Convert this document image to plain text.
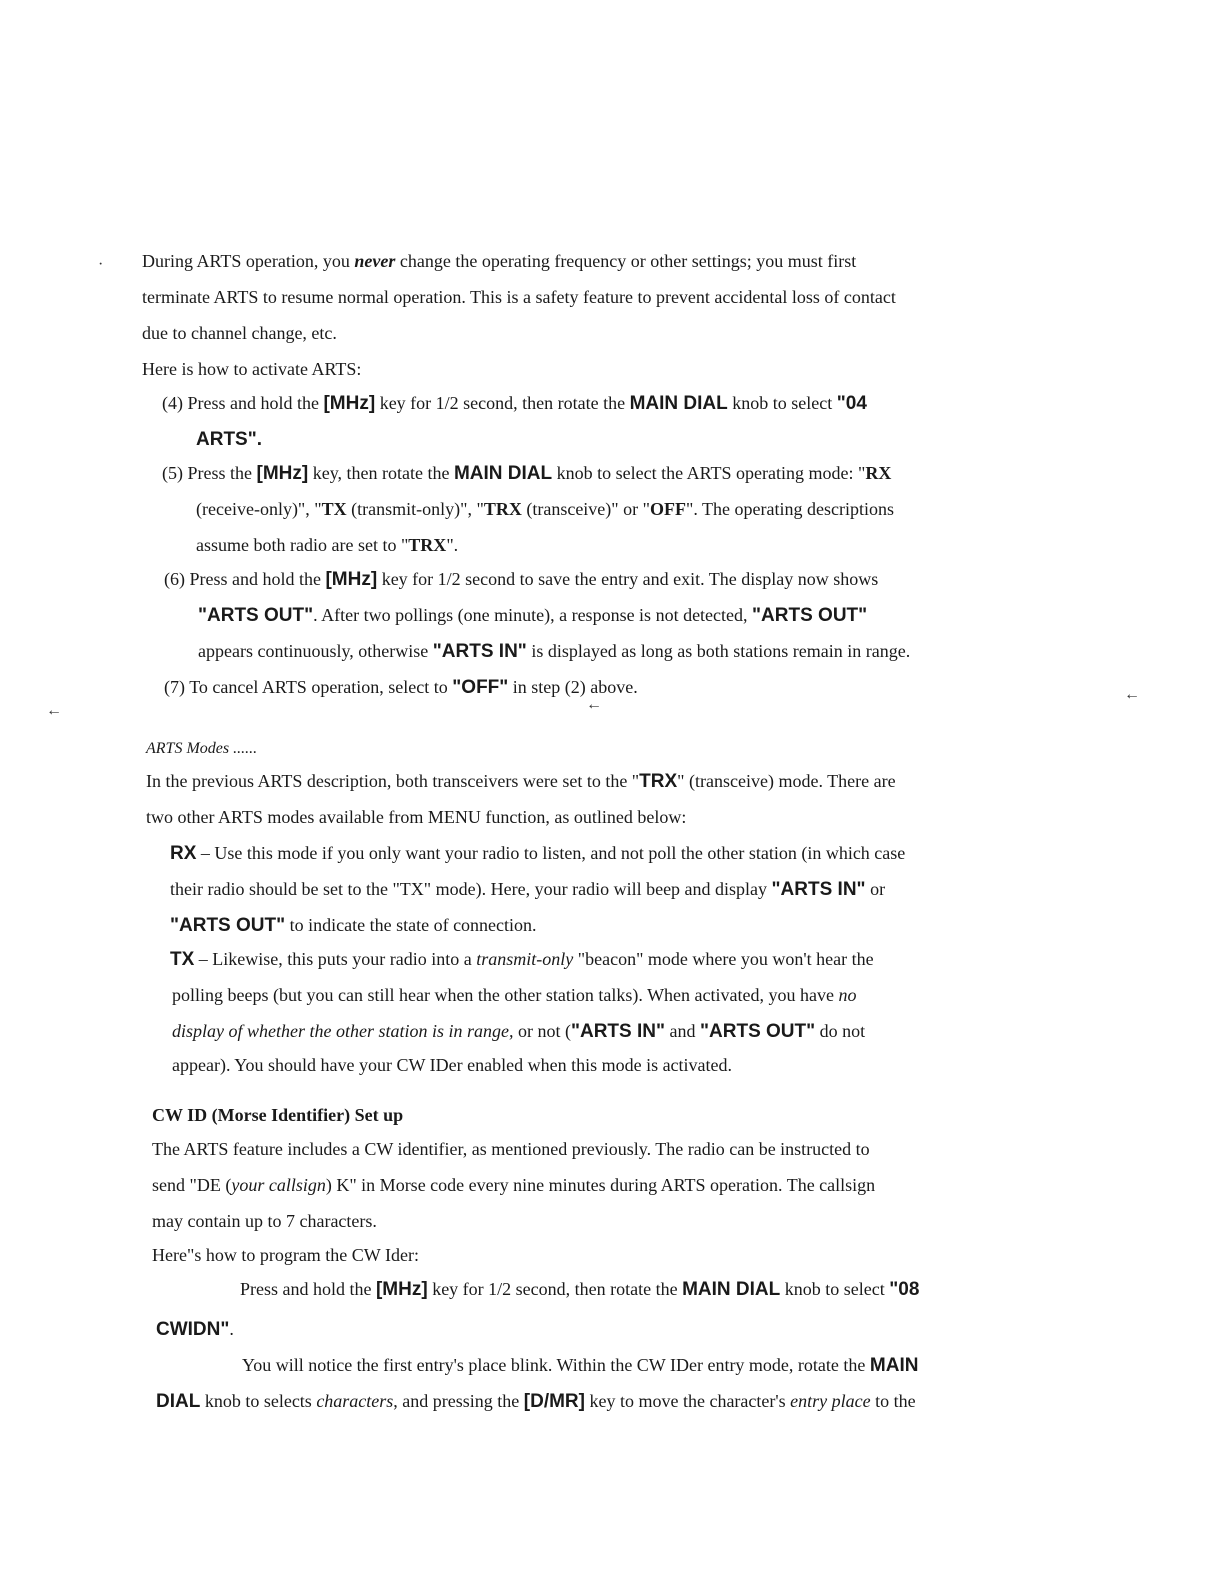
·
←	←
←
During ARTS operation, you never change the operating frequency or other settings; you must first
terminate ARTS to resume normal operation. This is a safety feature to prevent accidental loss of contact
due to channel change, etc.
Here is how to activate ARTS:
(4) Press and hold the [MHz] key for 1/2 second, then rotate the MAIN DIAL knob to select "04
ARTS".
(5) Press the [MHz] key, then rotate the MAIN DIAL knob to select the ARTS operating mode: "RX
(receive-only)", "TX (transmit-only)", "TRX (transceive)" or "OFF". The operating descriptions
assume both radio are set to "TRX".
(6) Press and hold the [MHz] key for 1/2 second to save the entry and exit. The display now shows
"ARTS OUT". After two pollings (one minute), a response is not detected, "ARTS OUT"
appears continuously, otherwise "ARTS IN" is displayed as long as both stations remain in range.
(7) To cancel ARTS operation, select to "OFF" in step (2) above.
ARTS Modes ......
In the previous ARTS description, both transceivers were set to the "TRX" (transceive) mode. There are
two other ARTS modes available from MENU function, as outlined below:
RX – Use this mode if you only want your radio to listen, and not poll the other station (in which case
their radio should be set to the "TX" mode). Here, your radio will beep and display "ARTS IN" or
"ARTS OUT" to indicate the state of connection.
TX – Likewise, this puts your radio into a transmit-only "beacon" mode where you won't hear the
polling beeps (but you can still hear when the other station talks). When activated, you have no
display of whether the other station is in range, or not ("ARTS IN" and "ARTS OUT" do not
appear). You should have your CW IDer enabled when this mode is activated.
CW ID (Morse Identifier) Set up
The ARTS feature includes a CW identifier, as mentioned previously. The radio can be instructed to
send "DE (your callsign) K" in Morse code every nine minutes during ARTS operation. The callsign
may contain up to 7 characters.
Here"s how to program the CW Ider:
Press and hold the [MHz] key for 1/2 second, then rotate the MAIN DIAL knob to select "08
CWIDN".
You will notice the first entry's place blink. Within the CW IDer entry mode, rotate the MAIN
DIAL knob to selects characters, and pressing the [D/MR] key to move the character's entry place to the
